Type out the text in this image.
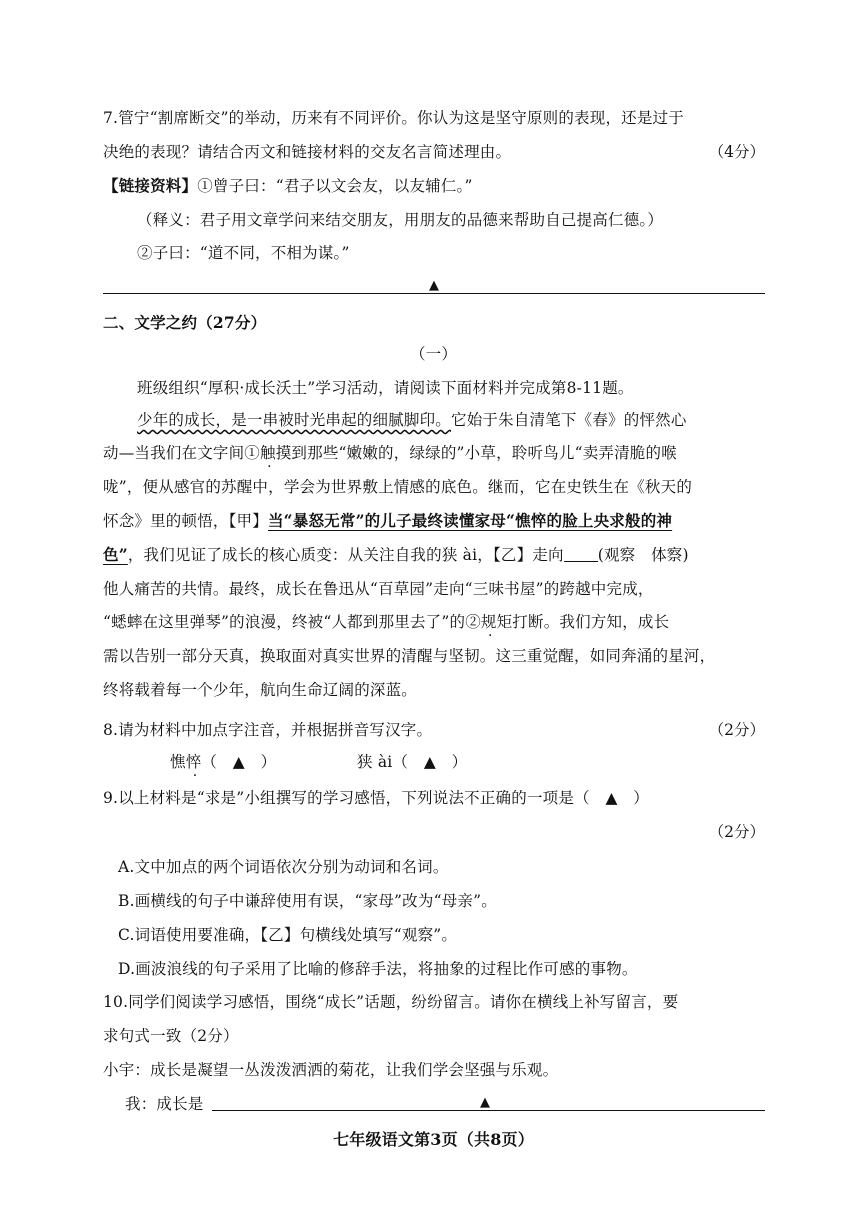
7.管宁“割席断交”的举动，历来有不同评价。你认为这是坚守原则的表现，还是过于
决绝的表现？请结合丙文和链接材料的交友名言简述理由。	（4分）
【链接资料】①曾子曰：“君子以文会友，以友辅仁。”
（释义：君子用文章学问来结交朋友，用朋友的品德来帮助自己提高仁德。）
②子曰：“道不同，不相为谋。”
▲
二、文学之约（27分）
（一）
班级组织“厚积·成长沃土”学习活动，请阅读下面材料并完成第8-11题。
少年的成长，是一串被时光串起的细腻脚印。它始于朱自清笔下《春》的怦然心
动—当我们在文字间①触摸到那些“嫩嫩的，绿绿的”小草，聆听鸟儿“卖弄清脆的喉
咙”，便从感官的苏醒中，学会为世界敷上情感的底色。继而，它在史铁生在《秋天的
怀念》里的顿悟，【甲】当“暴怒无常”的儿子最终读懂家母“憔悴的脸上央求般的神
色”，我们见证了成长的核心质变：从关注自我的狭 ài，【乙】走向 (观察　体察)
他人痛苦的共情。最终，成长在鲁迅从“百草园”走向“三味书屋”的跨越中完成，
“蟋蟀在这里弹琴”的浪漫，终被“人都到那里去了”的②规矩打断。我们方知，成长
需以告别一部分天真，换取面对真实世界的清醒与坚韧。这三重觉醒，如同奔涌的星河，
终将载着每一个少年，航向生命辽阔的深蓝。
8.请为材料中加点字注音，并根据拼音写汉字。	（2分）
憔悴（　▲　）	狭 ài（　▲　）
9.以上材料是“求是”小组撰写的学习感悟，下列说法不正确的一项是（　▲　）
（2分）
A.文中加点的两个词语依次分别为动词和名词。
B.画横线的句子中谦辞使用有误，“家母”改为“母亲”。
C.词语使用要准确，【乙】句横线处填写“观察”。
D.画波浪线的句子采用了比喻的修辞手法，将抽象的过程比作可感的事物。
10.同学们阅读学习感悟，围绕“成长”话题，纷纷留言。请你在横线上补写留言，要
求句式一致（2分）
小宇：成长是凝望一丛泼泼洒洒的菊花，让我们学会坚强与乐观。
我：成长是	▲
七年级语文第3页（共8页）
